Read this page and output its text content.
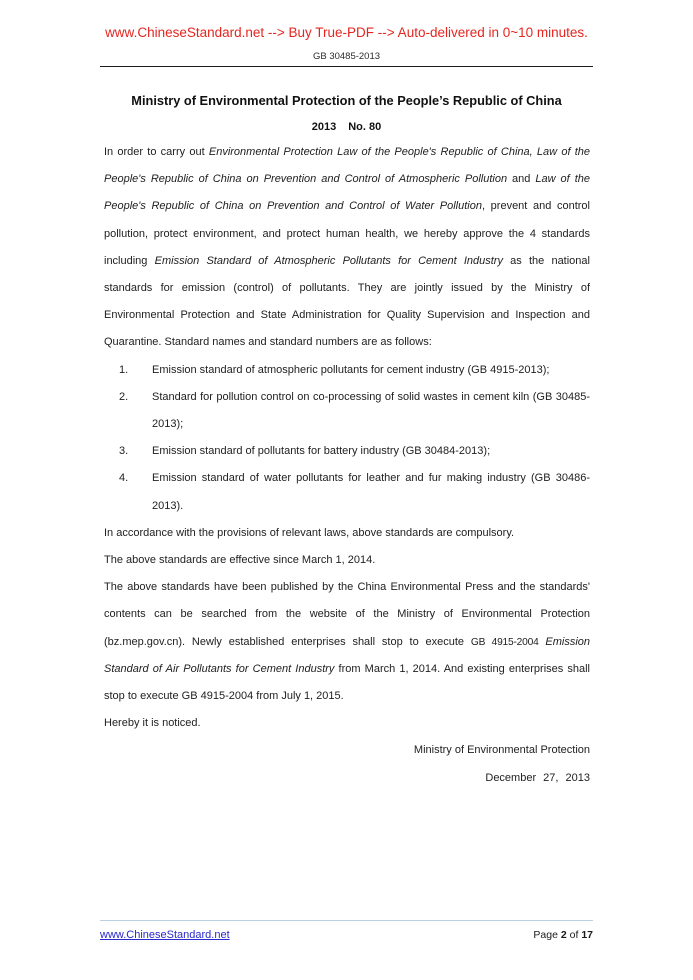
www.ChineseStandard.net --> Buy True-PDF --> Auto-delivered in 0~10 minutes.
GB 30485-2013
Ministry of Environmental Protection of the People’s Republic of China
2013 No. 80

In order to carry out Environmental Protection Law of the People's Republic of China, Law of the People's Republic of China on Prevention and Control of Atmospheric Pollution and Law of the People's Republic of China on Prevention and Control of Water Pollution, prevent and control pollution, protect environment, and protect human health, we hereby approve the 4 standards including Emission Standard of Atmospheric Pollutants for Cement Industry as the national standards for emission (control) of pollutants. They are jointly issued by the Ministry of Environmental Protection and State Administration for Quality Supervision and Inspection and Quarantine. Standard names and standard numbers are as follows:

1.	Emission standard of atmospheric pollutants for cement industry (GB 4915-2013);
2.	Standard for pollution control on co-processing of solid wastes in cement kiln (GB 30485-2013);
3.	Emission standard of pollutants for battery industry (GB 30484-2013);
4.	Emission standard of water pollutants for leather and fur making industry (GB 30486-2013).

In accordance with the provisions of relevant laws, above standards are compulsory.

The above standards are effective since March 1, 2014.

The above standards have been published by the China Environmental Press and the standards' contents can be searched from the website of the Ministry of Environmental Protection (bz.mep.gov.cn). Newly established enterprises shall stop to execute GB 4915-2004 Emission Standard of Air Pollutants for Cement Industry from March 1, 2014. And existing enterprises shall stop to execute GB 4915-2004 from July 1, 2015.

Hereby it is noticed.

Ministry of Environmental Protection

December 27, 2013

www.ChineseStandard.net	Page 2 of 17
